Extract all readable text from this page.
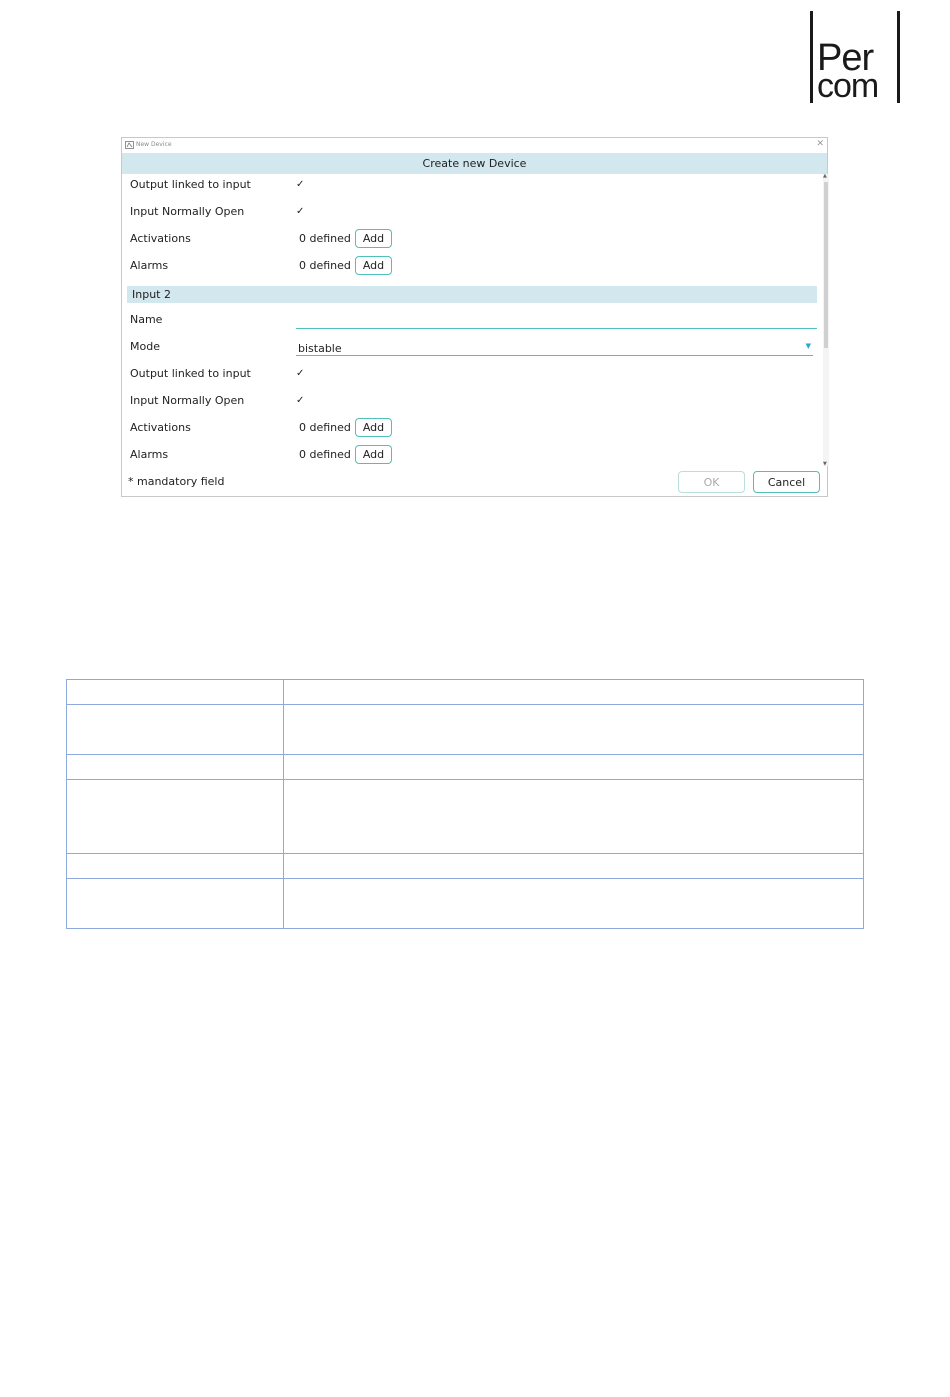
Per
com
New Device	✕
Create new Device
Output linked to input	✓
Input Normally Open	✓
Activations	0 defined	Add
Alarms	0 defined	Add
Input 2
Name
Mode	bistable	▼
Output linked to input	✓
Input Normally Open	✓
Activations	0 defined	Add
Alarms	0 defined	Add
▲
▼
* mandatory field	OK	Cancel
